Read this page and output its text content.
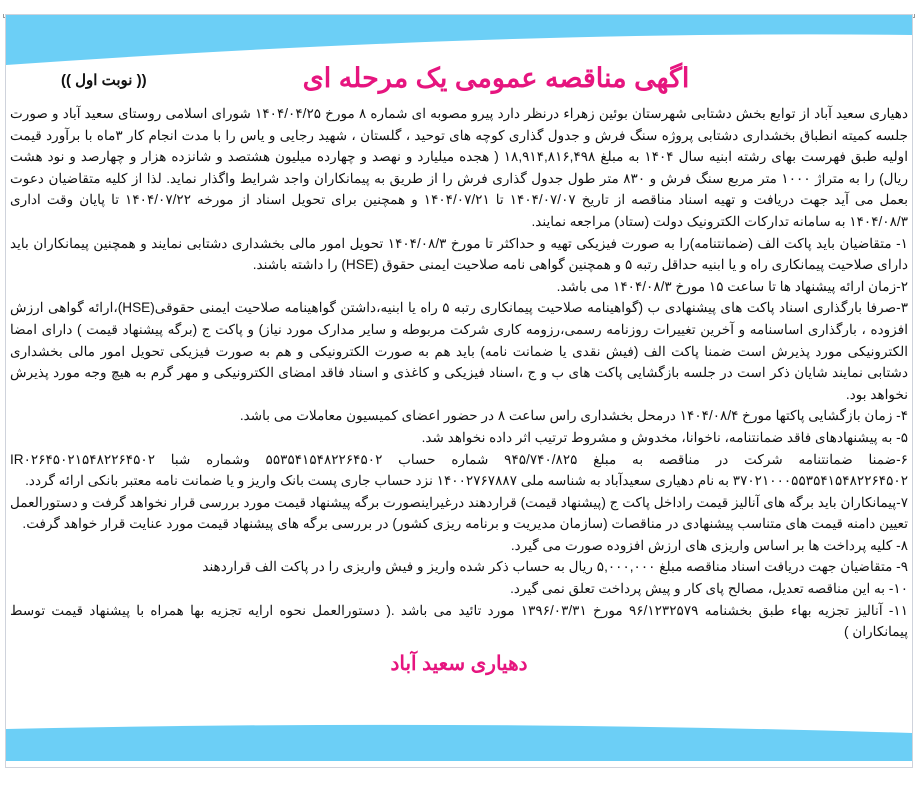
اگهی مناقصه عمومی یک مرحله ای
(( نوبت اول ))

دهیاری سعید آباد از توابع بخش دشتابی شهرستان بوئین زهراء درنظر دارد پیرو مصوبه ای شماره ۸ مورخ ۱۴۰۴/۰۴/۲۵ شورای اسلامی روستای سعید آباد و صورت جلسه کمیته انطباق بخشداری دشتابی پروژه سنگ فرش و جدول گذاری کوچه های توحید ، گلستان ، شهید رجایی و یاس را با مدت انجام کار ۳ماه با برآورد قیمت اولیه طبق فهرست بهای رشته ابنیه سال ۱۴۰۴ به مبلغ ۱۸,۹۱۴,۸۱۶,۴۹۸ ( هجده میلیارد و نهصد و چهارده میلیون هشتصد و شانزده هزار و چهارصد و نود هشت ریال) را به متراژ ۱۰۰۰ متر مربع سنگ فرش و ۸۳۰ متر طول جدول گذاری فرش را از طریق به پیمانکاران واجد شرایط واگذار نماید. لذا از کلیه متقاضیان دعوت بعمل می آید جهت دریافت و تهیه اسناد مناقصه از تاریخ ۱۴۰۴/۰۷/۰۷ تا ۱۴۰۴/۰۷/۲۱ و همچنین برای تحویل اسناد از مورخه ۱۴۰۴/۰۷/۲۲ تا پایان وقت اداری ۱۴۰۴/۰۸/۳ به سامانه تدارکات الکترونیک دولت (ستاد) مراجعه نمایند.

۱- متقاضیان باید پاکت الف (ضمانتنامه)را به صورت فیزیکی تهیه و حداکثر تا مورخ ۱۴۰۴/۰۸/۳ تحویل امور مالی بخشداری دشتابی نمایند و همچنین پیمانکاران باید دارای صلاحیت پیمانکاری راه و یا ابنیه حداقل رتبه ۵ و همچنین گواهی نامه صلاحیت ایمنی حقوق (HSE) را داشته باشند.

۲-زمان ارائه پیشنهاد ها تا ساعت ۱۵ مورخ ۱۴۰۴/۰۸/۳ می باشد.

۳-صرفا بارگذاری اسناد پاکت های پیشنهادی ب (گواهینامه صلاحیت پیمانکاری رتبه ۵ راه یا ابنیه،داشتن گواهینامه صلاحیت ایمنی حقوقی(HSE)،ارائه گواهی ارزش افزوده ، بارگذاری اساسنامه و آخرین تغییرات روزنامه رسمی،رزومه کاری شرکت مربوطه و سایر مدارک مورد نیاز) و پاکت ج (برگه پیشنهاد قیمت ) دارای امضا الکترونیکی مورد پذیرش است ضمنا پاکت الف (فیش نقدی یا ضمانت نامه) باید هم به صورت الکترونیکی و هم به صورت فیزیکی تحویل امور مالی بخشداری دشتابی نمایند شایان ذکر است در جلسه بازگشایی پاکت های ب و ج ،اسناد فیزیکی و کاغذی و اسناد فاقد امضای الکترونیکی و مهر گرم به هیچ وجه مورد پذیرش نخواهد بود.

۴- زمان بازگشایی پاکتها مورخ ۱۴۰۴/۰۸/۴ درمحل بخشداری راس ساعت ۸ در حضور اعضای کمیسیون معاملات می باشد.

۵- به پیشنهادهای فاقد ضمانتنامه، ناخوانا، مخدوش و مشروط ترتیب اثر داده نخواهد شد.

۶-ضمنا ضمانتنامه شرکت در مناقصه به مبلغ ۹۴۵/۷۴۰/۸۲۵ شماره حساب ۵۵۳۵۴۱۵۴۸۲۲۶۴۵۰۲ وشماره شبا IR۰۲۶۴۵۰۲۱۵۴۸۲۲۶۴۵۰۲ ۳۷۰۲۱۰۰۰۵۵۳۵۴۱۵۴۸۲۲۶۴۵۰۲ به نام دهیاری سعیدآباد به شناسه ملی ۱۴۰۰۲۷۶۷۸۸۷ نزد حساب جاری پست بانک واریز و یا ضمانت نامه معتبر بانکی ارائه گردد.

۷-پیمانکاران باید برگه های آنالیز قیمت راداخل پاکت ج (پیشنهاد قیمت) قراردهند درغیراینصورت برگه پیشنهاد قیمت مورد بررسی قرار نخواهد گرفت و دستورالعمل تعیین دامنه قیمت های متناسب پیشنهادی در مناقصات (سازمان مدیریت و برنامه ریزی کشور) در بررسی برگه های پیشنهاد قیمت مورد عنایت قرار خواهد گرفت.

۸- کلیه پرداخت ها بر اساس واریزی های ارزش افزوده صورت می گیرد.

۹- متقاضیان جهت دریافت اسناد مناقصه مبلغ ۵,۰۰۰,۰۰۰ ریال به حساب ذکر شده واریز و فیش واریزی را در پاکت الف قراردهند

۱۰- به این مناقصه تعدیل، مصالح پای کار و پیش پرداخت تعلق نمی گیرد.

۱۱- آنالیز تجزیه بهاء طبق بخشنامه ۹۶/۱۲۳۲۵۷۹ مورخ ۱۳۹۶/۰۳/۳۱ مورد تائید می باشد .( دستورالعمل نحوه ارایه تجزیه بها همراه با پیشنهاد قیمت توسط پیمانکاران )

دهیاری سعید آباد
